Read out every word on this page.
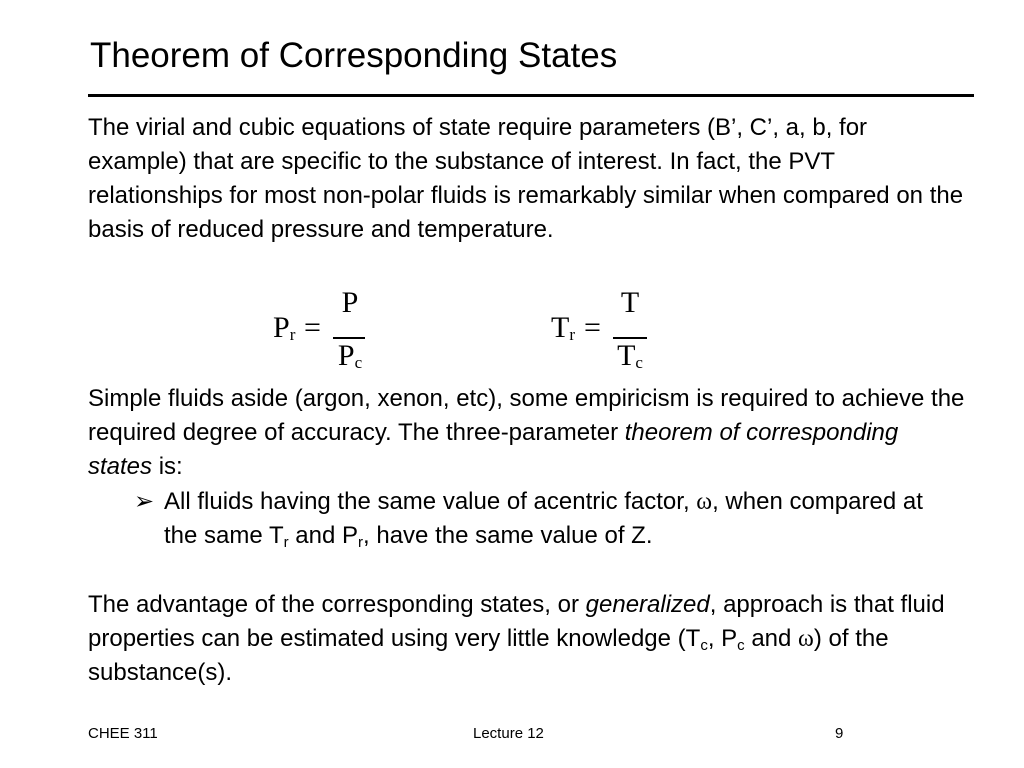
Theorem of Corresponding States

The virial and cubic equations of state require parameters (B’, C’, a, b, for example) that are specific to the substance of interest. In fact, the PVT relationships for most non-polar fluids is remarkably similar when compared on the basis of reduced pressure and temperature.

$P_r$ =
P
$P_c$
$T_r$ =
T
$T_c$

Simple fluids aside (argon, xenon, etc), some empiricism is required to achieve the required degree of accuracy. The three-parameter theorem of corresponding states is:

➢ All fluids having the same value of acentric factor, ω, when compared at the same $T_r$ and $P_r$, have the same value of Z.

The advantage of the corresponding states, or generalized, approach is that fluid properties can be estimated using very little knowledge ($T_c$, $P_c$ and ω) of the substance(s).

CHEE 311	Lecture 12	9
